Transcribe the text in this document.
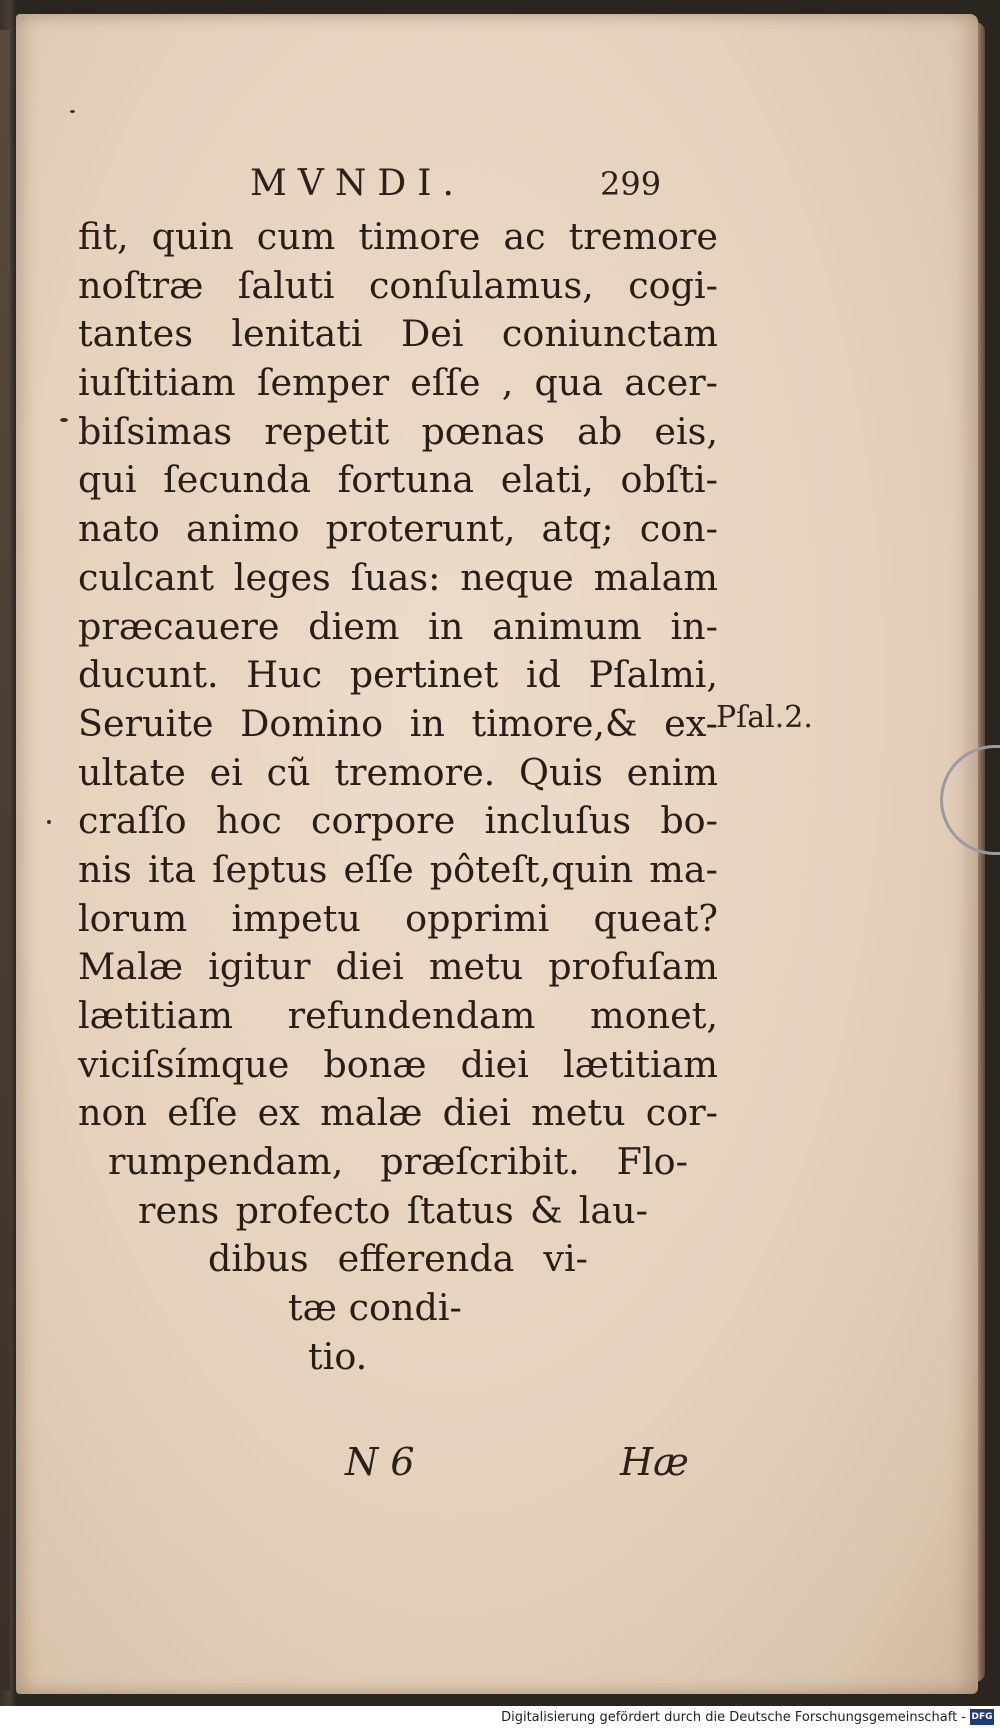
MVNDI.	299
fit, quin cum timore ac tremore
noſtræ ſaluti conſulamus, cogi-
tantes lenitati Dei coniunctam
iuſtitiam ſemper eſſe , qua acer-
biſsimas repetit pœnas ab eis,
qui ſecunda fortuna elati, obſti-
nato animo proterunt, atq; con-
culcant leges ſuas: neque malam
præcauere diem in animum in-
ducunt. Huc pertinet id Pſalmi,
Seruite Domino in timore,& ex-
ultate ei cũ tremore. Quis enim
craſſo hoc corpore incluſus bo-
nis ita ſeptus eſſe pôteſt,quin ma-
lorum impetu opprimi queat?
Malæ igitur diei metu profuſam
lætitiam refundendam monet,
viciſsímque bonæ diei lætitiam
non eſſe ex malæ diei metu cor-
rumpendam, præſcribit. Flo-
rens profecto ſtatus & lau-
dibus efferenda vi-
tæ condi-
tio.
Pſal.2.
N 6	Hæ
Digitalisierung gefördert durch die Deutsche Forschungsgemeinschaft - DFG
